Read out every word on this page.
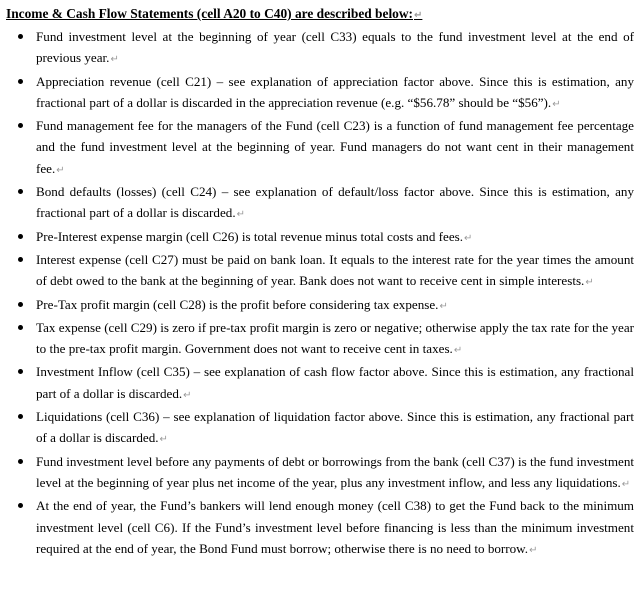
Income & Cash Flow Statements (cell A20 to C40) are described below:↵
Fund investment level at the beginning of year (cell C33) equals to the fund investment level at the end of previous year.↵
Appreciation revenue (cell C21) – see explanation of appreciation factor above. Since this is estimation, any fractional part of a dollar is discarded in the appreciation revenue (e.g. “$56.78” should be “$56”).↵
Fund management fee for the managers of the Fund (cell C23) is a function of fund management fee percentage and the fund investment level at the beginning of year. Fund managers do not want cent in their management fee.↵
Bond defaults (losses) (cell C24) – see explanation of default/loss factor above. Since this is estimation, any fractional part of a dollar is discarded.↵
Pre-Interest expense margin (cell C26) is total revenue minus total costs and fees.↵
Interest expense (cell C27) must be paid on bank loan. It equals to the interest rate for the year times the amount of debt owed to the bank at the beginning of year. Bank does not want to receive cent in simple interests.↵
Pre-Tax profit margin (cell C28) is the profit before considering tax expense.↵
Tax expense (cell C29) is zero if pre-tax profit margin is zero or negative; otherwise apply the tax rate for the year to the pre-tax profit margin. Government does not want to receive cent in taxes.↵
Investment Inflow (cell C35) – see explanation of cash flow factor above. Since this is estimation, any fractional part of a dollar is discarded.↵
Liquidations (cell C36) – see explanation of liquidation factor above. Since this is estimation, any fractional part of a dollar is discarded.↵
Fund investment level before any payments of debt or borrowings from the bank (cell C37) is the fund investment level at the beginning of year plus net income of the year, plus any investment inflow, and less any liquidations.↵
At the end of year, the Fund’s bankers will lend enough money (cell C38) to get the Fund back to the minimum investment level (cell C6). If the Fund’s investment level before financing is less than the minimum investment required at the end of year, the Bond Fund must borrow; otherwise there is no need to borrow.↵
